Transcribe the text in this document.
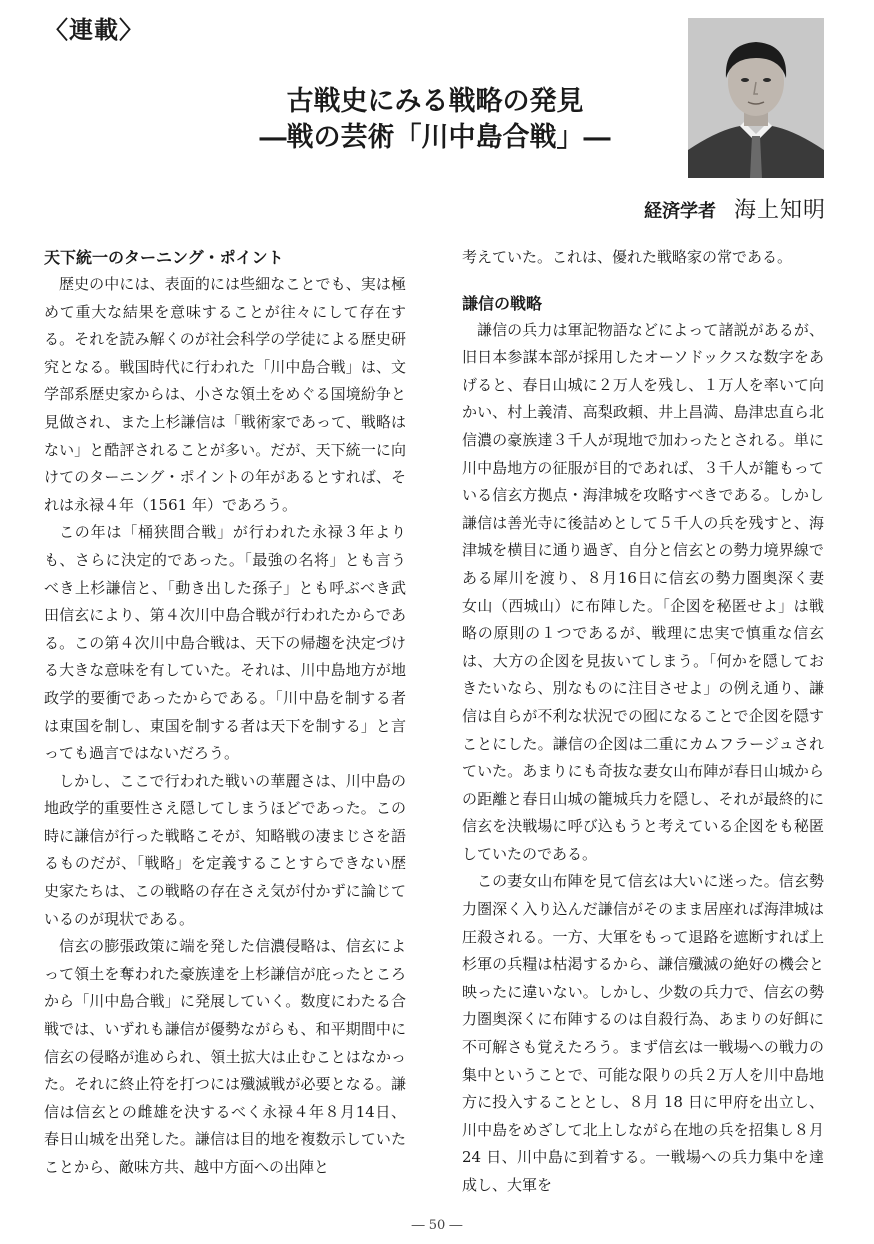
〈連載〉
古戦史にみる戦略の発見
―戦の芸術「川中島合戦」―
経済学者 海上知明
天下統一のターニング・ポイント

歴史の中には、表面的には些細なことでも、実は極めて重大な結果を意味することが往々にして存在する。それを読み解くのが社会科学の学徒による歴史研究となる。戦国時代に行われた「川中島合戦」は、文学部系歴史家からは、小さな領土をめぐる国境紛争と見做され、また上杉謙信は「戦術家であって、戦略はない」と酷評されることが多い。だが、天下統一に向けてのターニング・ポイントの年があるとすれば、それは永禄４年（1561 年）であろう。

この年は「桶狭間合戦」が行われた永禄３年よりも、さらに決定的であった。「最強の名将」とも言うべき上杉謙信と、「動き出した孫子」とも呼ぶべき武田信玄により、第４次川中島合戦が行われたからである。この第４次川中島合戦は、天下の帰趨を決定づける大きな意味を有していた。それは、川中島地方が地政学的要衝であったからである。「川中島を制する者は東国を制し、東国を制する者は天下を制する」と言っても過言ではないだろう。

しかし、ここで行われた戦いの華麗さは、川中島の地政学的重要性さえ隠してしまうほどであった。この時に謙信が行った戦略こそが、知略戦の凄まじさを語るものだが、「戦略」を定義することすらできない歴史家たちは、この戦略の存在さえ気が付かずに論じているのが現状である。

信玄の膨張政策に端を発した信濃侵略は、信玄によって領土を奪われた豪族達を上杉謙信が庇ったところから「川中島合戦」に発展していく。数度にわたる合戦では、いずれも謙信が優勢ながらも、和平期間中に信玄の侵略が進められ、領土拡大は止むことはなかった。それに終止符を打つには殲滅戦が必要となる。謙信は信玄との雌雄を決するべく永禄４年８月14日、春日山城を出発した。謙信は目的地を複数示していたことから、敵味方共、越中方面への出陣と

考えていた。これは、優れた戦略家の常である。

謙信の戦略

謙信の兵力は軍記物語などによって諸説があるが、旧日本参謀本部が採用したオーソドックスな数字をあげると、春日山城に２万人を残し、１万人を率いて向かい、村上義清、高梨政頼、井上昌満、島津忠直ら北信濃の豪族達３千人が現地で加わったとされる。単に川中島地方の征服が目的であれば、３千人が籠もっている信玄方拠点・海津城を攻略すべきである。しかし謙信は善光寺に後詰めとして５千人の兵を残すと、海津城を横目に通り過ぎ、自分と信玄との勢力境界線である犀川を渡り、８月16日に信玄の勢力圏奥深く妻女山（西城山）に布陣した。「企図を秘匿せよ」は戦略の原則の１つであるが、戦理に忠実で慎重な信玄は、大方の企図を見抜いてしまう。「何かを隠しておきたいなら、別なものに注目させよ」の例え通り、謙信は自らが不利な状況での囮になることで企図を隠すことにした。謙信の企図は二重にカムフラージュされていた。あまりにも奇抜な妻女山布陣が春日山城からの距離と春日山城の籠城兵力を隠し、それが最終的に信玄を決戦場に呼び込もうと考えている企図をも秘匿していたのである。

この妻女山布陣を見て信玄は大いに迷った。信玄勢力圏深く入り込んだ謙信がそのまま居座れば海津城は圧殺される。一方、大軍をもって退路を遮断すれば上杉軍の兵糧は枯渇するから、謙信殲滅の絶好の機会と映ったに違いない。しかし、少数の兵力で、信玄の勢力圏奥深くに布陣するのは自殺行為、あまりの好餌に不可解さも覚えたろう。まず信玄は一戦場への戦力の集中ということで、可能な限りの兵２万人を川中島地方に投入することとし、８月 18 日に甲府を出立し、川中島をめざして北上しながら在地の兵を招集し８月 24 日、川中島に到着する。一戦場への兵力集中を達成し、大軍を

― 50 ―
